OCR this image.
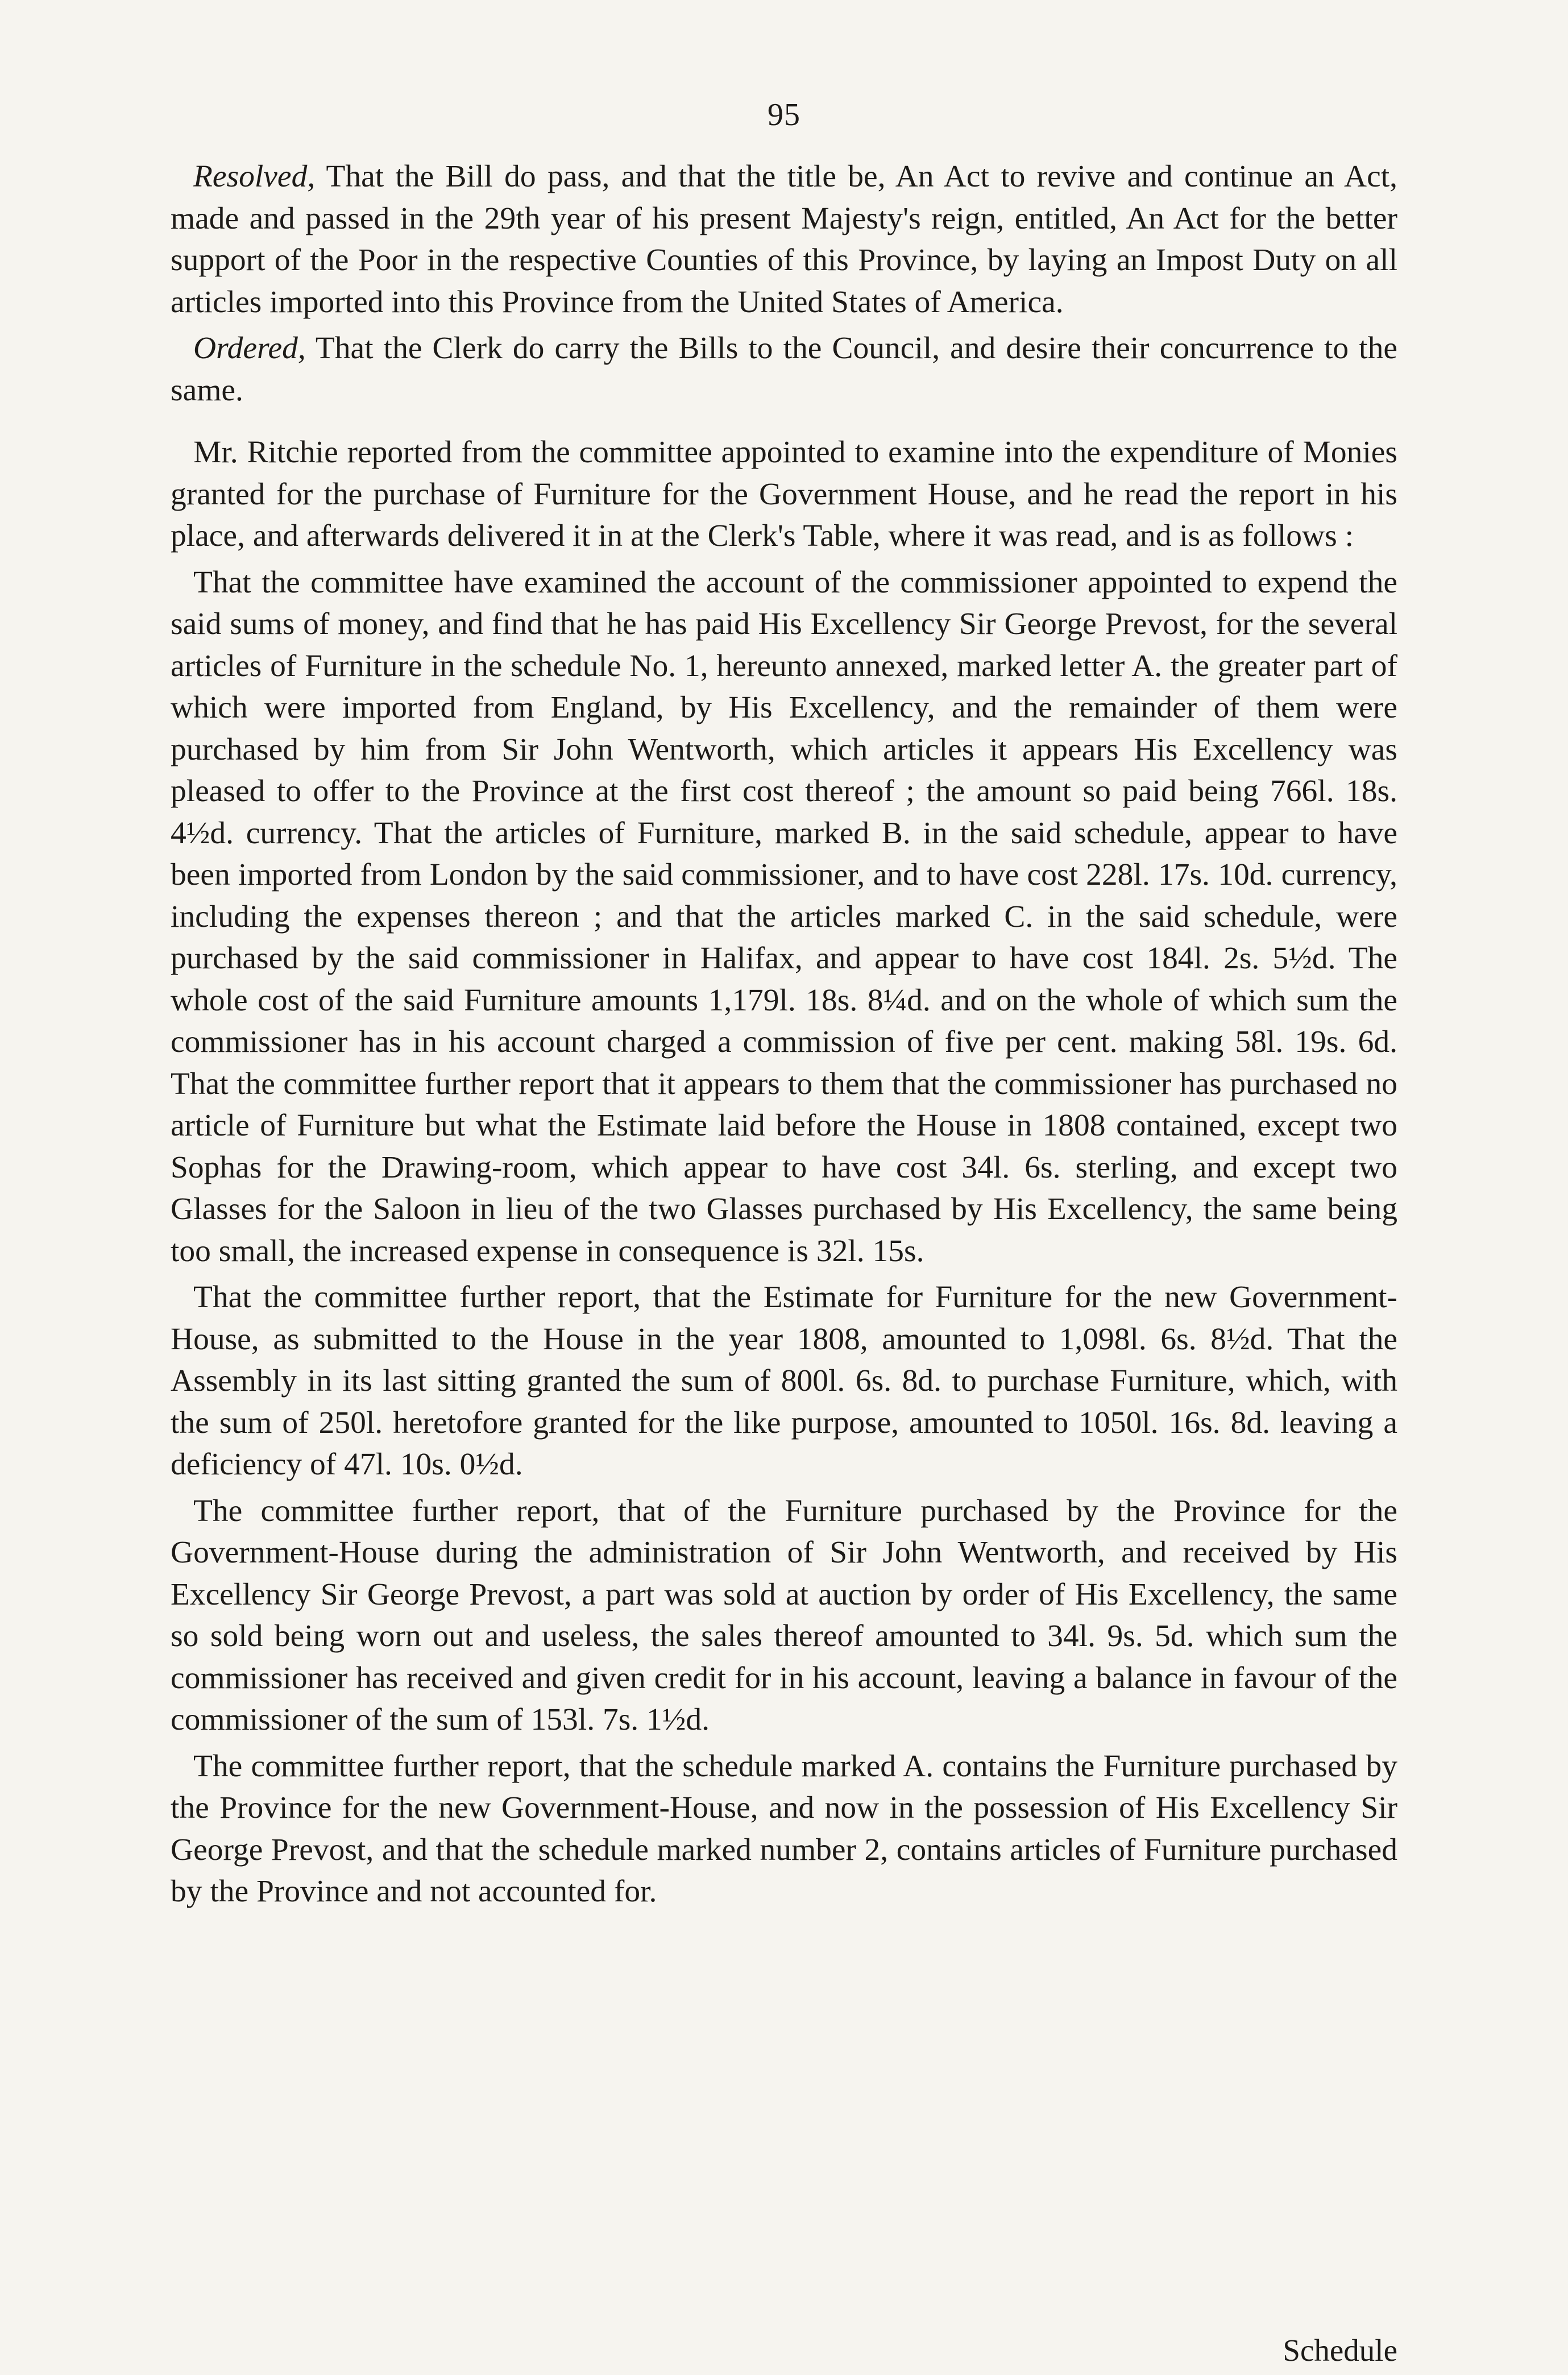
95

Resolved, That the Bill do pass, and that the title be, An Act to revive and continue an Act, made and passed in the 29th year of his present Majesty's reign, entitled, An Act for the better support of the Poor in the respective Counties of this Province, by laying an Impost Duty on all articles imported into this Province from the United States of America.

Ordered, That the Clerk do carry the Bills to the Council, and desire their concurrence to the same.

Mr. Ritchie reported from the committee appointed to examine into the expenditure of Monies granted for the purchase of Furniture for the Government House, and he read the report in his place, and afterwards delivered it in at the Clerk's Table, where it was read, and is as follows :

That the committee have examined the account of the commissioner appointed to expend the said sums of money, and find that he has paid His Excellency Sir George Prevost, for the several articles of Furniture in the schedule No. 1, hereunto annexed, marked letter A. the greater part of which were imported from England, by His Excellency, and the remainder of them were purchased by him from Sir John Wentworth, which articles it appears His Excellency was pleased to offer to the Province at the first cost thereof ; the amount so paid being 766l. 18s. 4½d. currency. That the articles of Furniture, marked B. in the said schedule, appear to have been imported from London by the said commissioner, and to have cost 228l. 17s. 10d. currency, including the expenses thereon ; and that the articles marked C. in the said schedule, were purchased by the said commissioner in Halifax, and appear to have cost 184l. 2s. 5½d. The whole cost of the said Furniture amounts 1,179l. 18s. 8¼d. and on the whole of which sum the commissioner has in his account charged a commission of five per cent. making 58l. 19s. 6d. That the committee further report that it appears to them that the commissioner has purchased no article of Furniture but what the Estimate laid before the House in 1808 contained, except two Sophas for the Drawing-room, which appear to have cost 34l. 6s. sterling, and except two Glasses for the Saloon in lieu of the two Glasses purchased by His Excellency, the same being too small, the increased expense in consequence is 32l. 15s.

That the committee further report, that the Estimate for Furniture for the new Government-House, as submitted to the House in the year 1808, amounted to 1,098l. 6s. 8½d. That the Assembly in its last sitting granted the sum of 800l. 6s. 8d. to purchase Furniture, which, with the sum of 250l. heretofore granted for the like purpose, amounted to 1050l. 16s. 8d. leaving a deficiency of 47l. 10s. 0½d.

The committee further report, that of the Furniture purchased by the Province for the Government-House during the administration of Sir John Wentworth, and received by His Excellency Sir George Prevost, a part was sold at auction by order of His Excellency, the same so sold being worn out and useless, the sales thereof amounted to 34l. 9s. 5d. which sum the commissioner has received and given credit for in his account, leaving a balance in favour of the commissioner of the sum of 153l. 7s. 1½d.

The committee further report, that the schedule marked A. contains the Furniture purchased by the Province for the new Government-House, and now in the possession of His Excellency Sir George Prevost, and that the schedule marked number 2, contains articles of Furniture purchased by the Province and not accounted for.

Schedule
